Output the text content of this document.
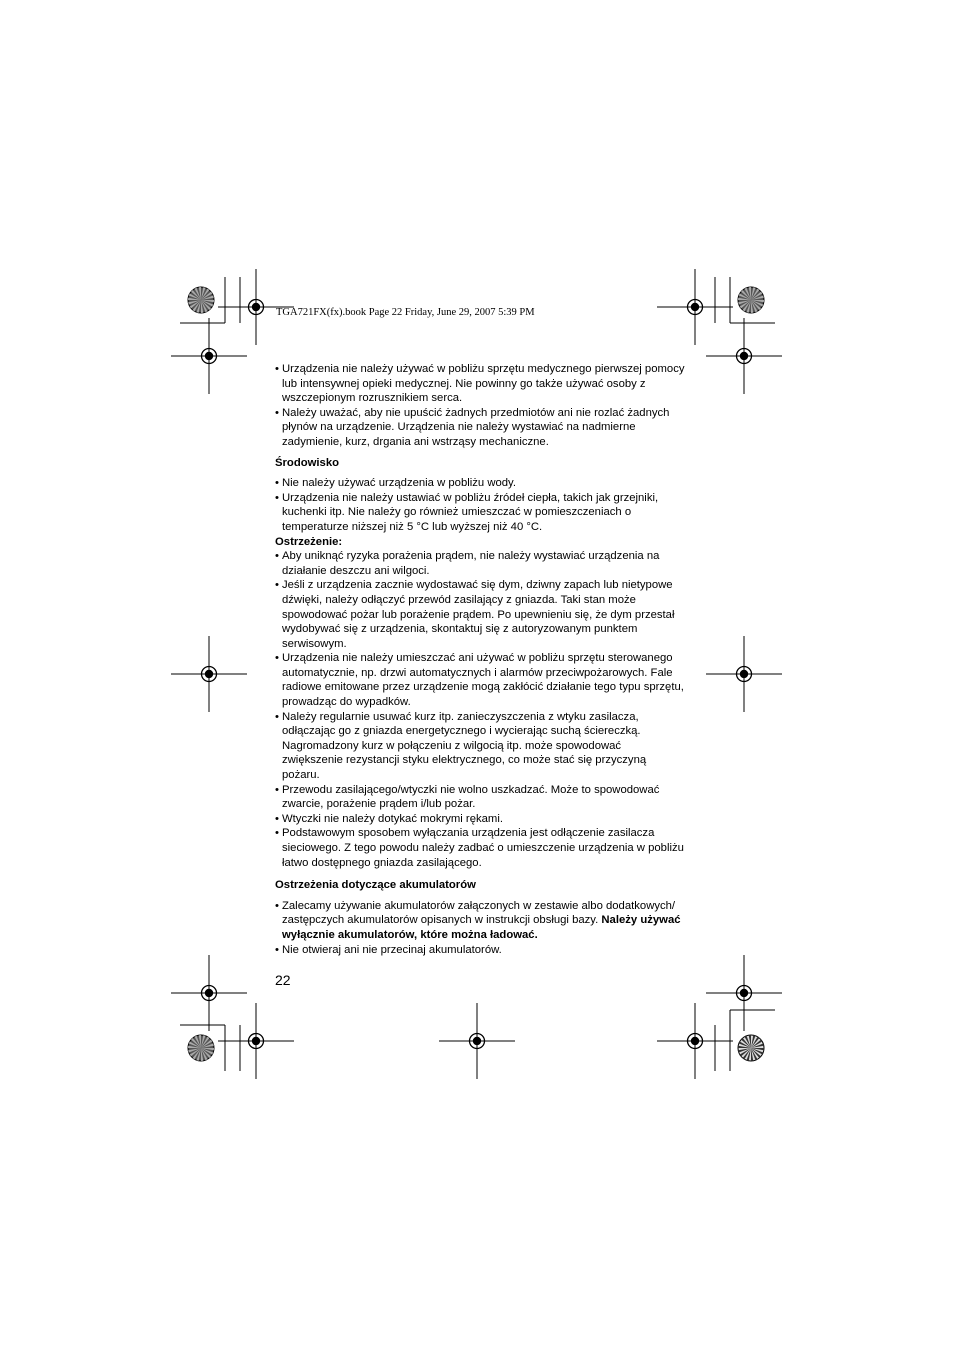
TGA721FX(fx).book Page 22 Friday, June 29, 2007 5:39 PM
• Urządzenia nie należy używać w pobliżu sprzętu medycznego pierwszej pomocy lub intensywnej opieki medycznej. Nie powinny go także używać osoby z wszczepionym rozrusznikiem serca.
• Należy uważać, aby nie upuścić żadnych przedmiotów ani nie rozlać żadnych płynów na urządzenie. Urządzenia nie należy wystawiać na nadmierne zadymienie, kurz, drgania ani wstrząsy mechaniczne.
Środowisko
• Nie należy używać urządzenia w pobliżu wody.
• Urządzenia nie należy ustawiać w pobliżu źródeł ciepła, takich jak grzejniki, kuchenki itp. Nie należy go również umieszczać w pomieszczeniach o temperaturze niższej niż 5 °C lub wyższej niż 40 °C.
Ostrzeżenie:
• Aby uniknąć ryzyka porażenia prądem, nie należy wystawiać urządzenia na działanie deszczu ani wilgoci.
• Jeśli z urządzenia zacznie wydostawać się dym, dziwny zapach lub nietypowe dźwięki, należy odłączyć przewód zasilający z gniazda. Taki stan może spowodować pożar lub porażenie prądem. Po upewnieniu się, że dym przestał wydobywać się z urządzenia, skontaktuj się z autoryzowanym punktem serwisowym.
• Urządzenia nie należy umieszczać ani używać w pobliżu sprzętu sterowanego automatycznie, np. drzwi automatycznych i alarmów przeciwpożarowych. Fale radiowe emitowane przez urządzenie mogą zakłócić działanie tego typu sprzętu, prowadząc do wypadków.
• Należy regularnie usuwać kurz itp. zanieczyszczenia z wtyku zasilacza, odłączając go z gniazda energetycznego i wycierając suchą ściereczką. Nagromadzony kurz w połączeniu z wilgocią itp. może spowodować zwiększenie rezystancji styku elektrycznego, co może stać się przyczyną pożaru.
• Przewodu zasilającego/wtyczki nie wolno uszkadzać. Może to spowodować zwarcie, porażenie prądem i/lub pożar.
• Wtyczki nie należy dotykać mokrymi rękami.
• Podstawowym sposobem wyłączania urządzenia jest odłączenie zasilacza sieciowego. Z tego powodu należy zadbać o umieszczenie urządzenia w pobliżu łatwo dostępnego gniazda zasilającego.
Ostrzeżenia dotyczące akumulatorów
• Zalecamy używanie akumulatorów załączonych w zestawie albo dodatkowych/ zastępczych akumulatorów opisanych w instrukcji obsługi bazy. Należy używać wyłącznie akumulatorów, które można ładować.
• Nie otwieraj ani nie przecinaj akumulatorów.
22
